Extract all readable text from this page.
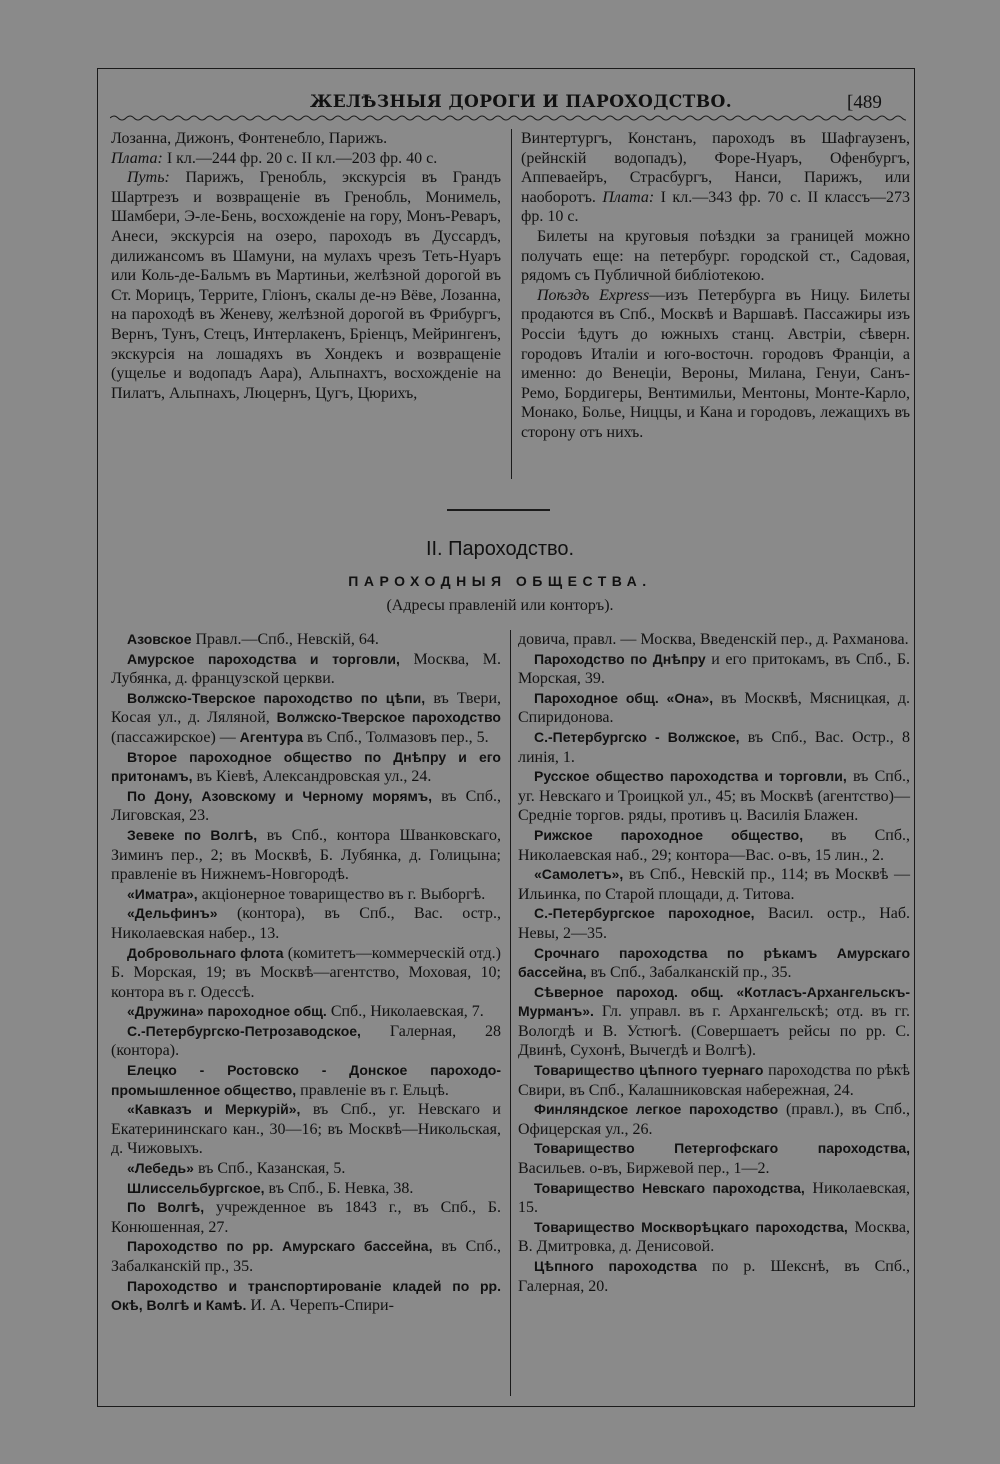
ЖЕЛѢЗНЫЯ ДОРОГИ И ПАРОХОДСТВО.	[489

Лозанна, Дижонъ, Фонтенебло, Парижъ.

Плата: I кл.—244 фр. 20 с. II кл.—203 фр. 40 с.

Путь: Парижъ, Гренобль, экскурсія въ Грандъ Шартрезъ и возвращеніе въ Гренобль, Монимель, Шамбери, Э-ле-Бень, восхожденіе на гору, Монъ-Реваръ, Анеси, экскурсія на озеро, пароходъ въ Дуссардъ, дилижансомъ въ Шамуни, на мулахъ чрезъ Теть-Нуаръ или Коль-де-Бальмъ въ Мартиньи, желѣзной дорогой въ Ст. Морицъ, Террите, Гліонъ, скалы де-нэ Вёве, Лозанна, на пароходѣ въ Женеву, желѣзной дорогой въ Фрибургъ, Вернъ, Тунъ, Стецъ, Интерлакенъ, Бріенцъ, Мейрингенъ, экскурсія на лошадяхъ въ Хондекъ и возвращеніе (ущелье и водопадъ Аара), Альпнахтъ, восхожденіе на Пилатъ, Альпнахъ, Люцернъ, Цугъ, Цюрихъ,

Винтертургъ, Констанъ, пароходъ въ Шафгаузенъ, (рейнскій водопадъ), Форе-Нуаръ, Офенбургъ, Аппеваейръ, Страсбургъ, Нанси, Парижъ, или наоборотъ. Плата: I кл.—343 фр. 70 с. II классъ—273 фр. 10 с.

Билеты на круговыя поѣздки за границей можно получать еще: на петербург. городской ст., Садовая, рядомъ съ Публичной библіотекою.

Поѣздъ Express—изъ Петербурга въ Ницу. Билеты продаются въ Спб., Москвѣ и Варшавѣ. Пассажиры изъ Россіи ѣдутъ до южныхъ станц. Австріи, сѣверн. городовъ Италіи и юго-восточн. городовъ Франціи, а именно: до Венеціи, Вероны, Милана, Генуи, Санъ-Ремо, Бордигеры, Вентимильи, Ментоны, Монте-Карло, Монако, Болье, Ниццы, и Кана и городовъ, лежащихъ въ сторону отъ нихъ.

II. Пароходство.
ПАРОХОДНЫЯ ОБЩЕСТВА.
(Адресы правленій или конторъ).

Азовское Правл.—Спб., Невскій, 64.

Амурское пароходства и торговли, Москва, М. Лубянка, д. французской церкви.

Волжско-Тверское пароходство по цѣпи, въ Твери, Косая ул., д. Ляляной, Волжско-Тверское пароходство (пассажирское) — Агентура въ Спб., Толмазовъ пер., 5.

Второе пароходное общество по Днѣпру и его притонамъ, въ Кіевѣ, Александровская ул., 24.

По Дону, Азовскому и Черному морямъ, въ Спб., Лиговская, 23.

Зевеке по Волгѣ, въ Спб., контора Шванковскаго, Зиминъ пер., 2; въ Москвѣ, Б. Лубянка, д. Голицына; правленіе въ Нижнемъ-Новгородѣ.

«Иматра», акціонерное товарищество въ г. Выборгѣ.

«Дельфинъ» (контора), въ Спб., Вас. остр., Николаевская набер., 13.

Добровольнаго флота (комитетъ—коммерческій отд.) Б. Морская, 19; въ Москвѣ—агентство, Моховая, 10; контора въ г. Одессѣ.

«Дружина» пароходное общ. Спб., Николаевская, 7.

С.-Петербургско-Петрозаводское, Галерная, 28 (контора).

Елецко - Ростовско - Донское пароходо-промышленное общество, правленіе въ г. Ельцѣ.

«Кавказъ и Меркурій», въ Спб., уг. Невскаго и Екатерининскаго кан., 30—16; въ Москвѣ—Никольская, д. Чижовыхъ.

«Лебедь» въ Спб., Казанская, 5.

Шлиссельбургское, въ Спб., Б. Невка, 38.

По Волгѣ, учрежденное въ 1843 г., въ Спб., Б. Конюшенная, 27.

Пароходство по рр. Амурскаго бассейна, въ Спб., Забалканскій пр., 35.

Пароходство и транспортированіе кладей по рр. Окѣ, Волгѣ и Камѣ. И. А. Черепъ-Спири-

довича, правл. — Москва, Введенскій пер., д. Рахманова.

Пароходство по Днѣпру и его притокамъ, въ Спб., Б. Морская, 39.

Пароходное общ. «Она», въ Москвѣ, Мясницкая, д. Спиридонова.

С.-Петербургско - Волжское, въ Спб., Вас. Остр., 8 линія, 1.

Русское общество пароходства и торговли, въ Спб., уг. Невскаго и Троицкой ул., 45; въ Москвѣ (агентство)—Средніе торгов. ряды, противъ ц. Василія Блажен.

Рижское пароходное общество, въ Спб., Николаевская наб., 29; контора—Вас. о-въ, 15 лин., 2.

«Самолетъ», въ Спб., Невскій пр., 114; въ Москвѣ — Ильинка, по Старой площади, д. Титова.

С.-Петербургское пароходное, Васил. остр., Наб. Невы, 2—35.

Срочнаго пароходства по рѣкамъ Амурскаго бассейна, въ Спб., Забалканскій пр., 35.

Сѣверное пароход. общ. «Котласъ-Архангельскъ-Мурманъ». Гл. управл. въ г. Архангельскѣ; отд. въ гг. Вологдѣ и В. Устюгѣ. (Совершаетъ рейсы по рр. С. Двинѣ, Сухонѣ, Вычегдѣ и Волгѣ).

Товарищество цѣпного туернаго пароходства по рѣкѣ Свири, въ Спб., Калашниковская набережная, 24.

Финляндское легкое пароходство (правл.), въ Спб., Офицерская ул., 26.

Товарищество Петергофскаго пароходства, Васильев. о-въ, Биржевой пер., 1—2.

Товарищество Невскаго пароходства, Николаевская, 15.

Товарищество Москворѣцкаго пароходства, Москва, В. Дмитровка, д. Денисовой.

Цѣпного пароходства по р. Шекснѣ, въ Спб., Галерная, 20.
